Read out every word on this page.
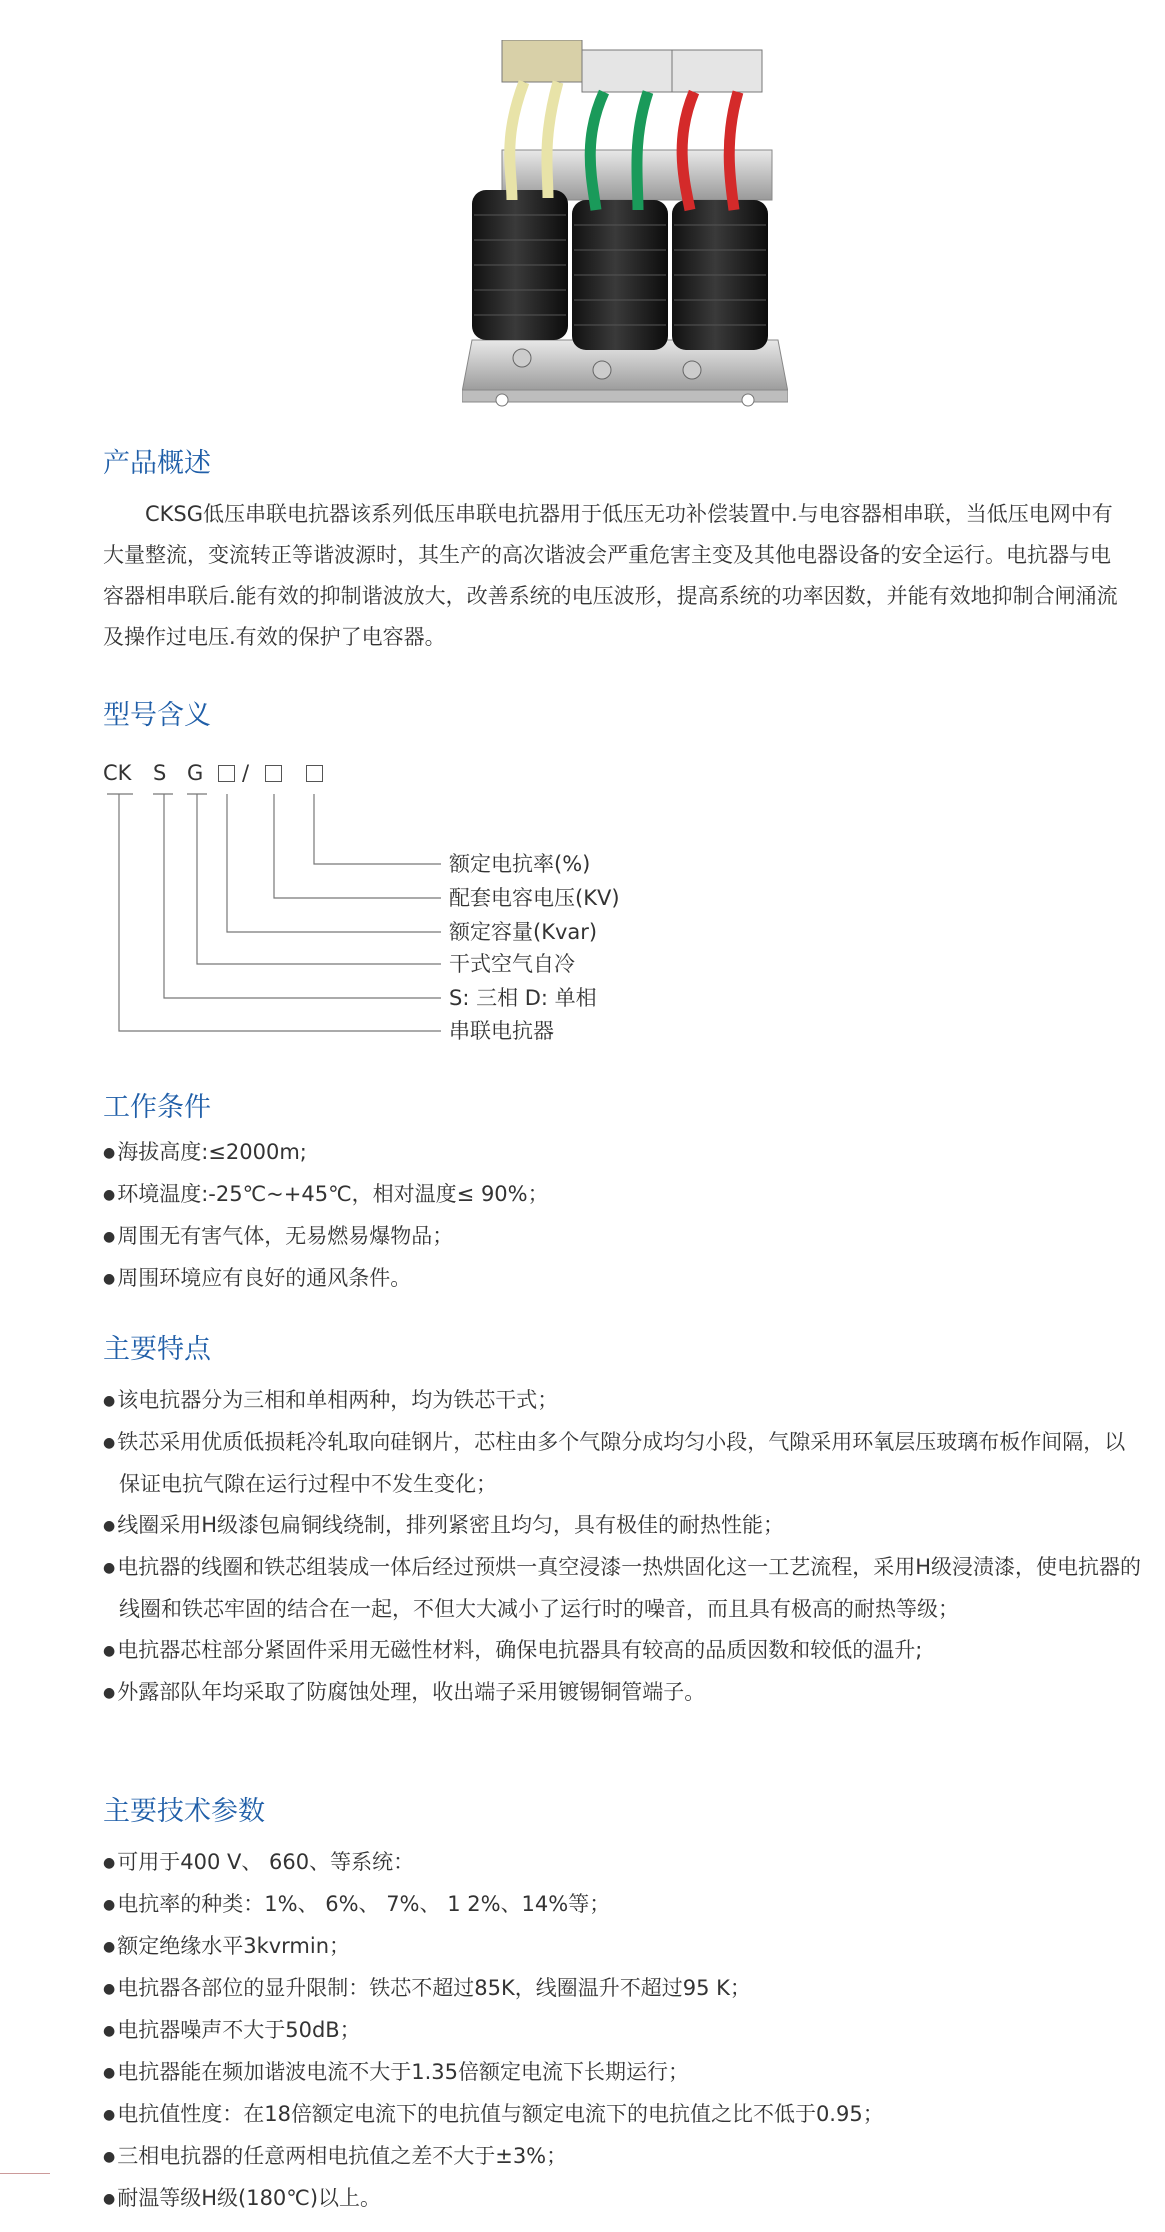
产品概述

CKSG低压串联电抗器该系列低压串联电抗器用于低压无功补偿装置中.与电容器相串联，当低压电网中有大量整流，变流转正等谐波源时，其生产的高次谐波会严重危害主变及其他电器设备的安全运行。电抗器与电容器相串联后.能有效的抑制谐波放大，改善系统的电压波形，提高系统的功率因数，并能有效地抑制合闸涌流及操作过电压.有效的保护了电容器。

型号含义
CK S G /
额定电抗率(%)
配套电容电压(KV)
额定容量(Kvar)
干式空气自冷
S: 三相 D: 单相
串联电抗器
工作条件
● 海拔高度:≤2000m;
● 环境温度:-25℃~+45℃，相对温度≤ 90%；
● 周围无有害气体，无易燃易爆物品；
● 周围环境应有良好的通风条件。
主要特点
● 该电抗器分为三相和单相两种，均为铁芯干式；
● 铁芯采用优质低损耗冷轧取向硅钢片，芯柱由多个气隙分成均匀小段，气隙采用环氧层压玻璃布板作间隔，以保证电抗气隙在运行过程中不发生变化；
● 线圈采用H级漆包扁铜线绕制，排列紧密且均匀，具有极佳的耐热性能；
● 电抗器的线圈和铁芯组装成一体后经过预烘一真空浸漆一热烘固化这一工艺流程，采用H级浸渍漆，使电抗器的线圈和铁芯牢固的结合在一起，不但大大减小了运行时的噪音，而且具有极高的耐热等级；
● 电抗器芯柱部分紧固件采用无磁性材料，确保电抗器具有较高的品质因数和较低的温升;
● 外露部队年均采取了防腐蚀处理，收出端子采用镀锡铜管端子。
主要技术参数
● 可用于400 V、 660、等系统：
● 电抗率的种类：1%、 6%、 7%、 1 2%、14%等；
● 额定绝缘水平3kvrmin；
● 电抗器各部位的显升限制：铁芯不超过85K，线圈温升不超过95 K；
● 电抗器噪声不大于50dB；
● 电抗器能在频加谐波电流不大于1.35倍额定电流下长期运行；
● 电抗值性度：在18倍额定电流下的电抗值与额定电流下的电抗值之比不低于0.95；
● 三相电抗器的任意两相电抗值之差不大于±3%；
● 耐温等级H级(180℃)以上。
